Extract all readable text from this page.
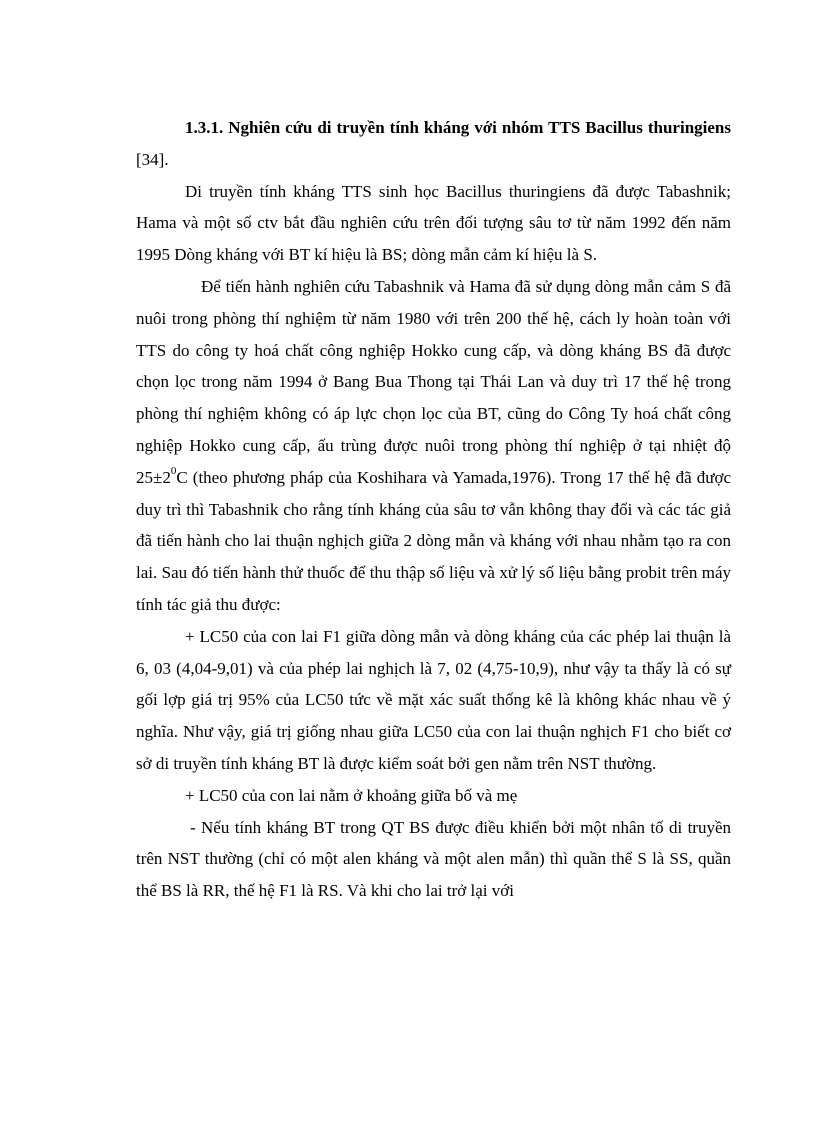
1.3.1. Nghiên cứu di truyền tính kháng với nhóm TTS Bacillus thuringiens [34].

Di truyền tính kháng TTS sinh học Bacillus thuringiens đã được Tabashnik; Hama và một số ctv bắt đầu nghiên cứu trên đối tượng sâu tơ từ năm 1992 đến năm 1995 Dòng kháng với BT kí hiệu là BS; dòng mẫn cảm kí hiệu là S.

Để tiến hành nghiên cứu Tabashnik và Hama đã sử dụng dòng mẫn cảm S đã nuôi trong phòng thí nghiệm từ năm 1980 với trên 200 thế hệ, cách ly hoàn toàn với TTS do công ty hoá chất công nghiệp Hokko cung cấp, và dòng kháng BS đã được chọn lọc trong năm 1994 ở Bang Bua Thong tại Thái Lan và duy trì 17 thế hệ trong phòng thí nghiệm không có áp lực chọn lọc của BT, cũng do Công Ty hoá chất công nghiệp Hokko cung cấp, ấu trùng được nuôi trong phòng thí nghiệp ở tại nhiệt độ $25\pm 2^0C$ (theo phương pháp của Koshihara và Yamada,1976). Trong 17 thế hệ đã được duy trì thì Tabashnik cho rằng tính kháng của sâu tơ vẫn không thay đổi và các tác giả đã tiến hành cho lai thuận nghịch giữa 2 dòng mẫn và kháng với nhau nhằm tạo ra con lai. Sau đó tiến hành thử thuốc để thu thập số liệu và xử lý số liệu bằng probit trên máy tính tác giả thu được:

+ LC50 của con lai F1 giữa dòng mẫn và dòng kháng của các phép lai thuận là 6, 03 (4,04-9,01) và của phép lai nghịch là 7, 02 (4,75-10,9), như vậy ta thấy là có sự gối lợp giá trị 95% của LC50 tức về mặt xác suất thống kê là không khác nhau về ý nghĩa. Như vậy, giá trị giống nhau giữa LC50 của con lai thuận nghịch F1 cho biết cơ sở di truyền tính kháng BT là được kiểm soát bởi gen nằm trên NST thường.

+ LC50 của con lai nằm ở khoảng giữa bố và mẹ

- Nếu tính kháng BT trong QT BS được điều khiển bởi một nhân tố di truyền trên NST thường (chỉ có một alen kháng và một alen mẫn) thì quần thể S là SS, quần thể BS là RR, thế hệ F1 là RS. Và khi cho lai trở lại với
